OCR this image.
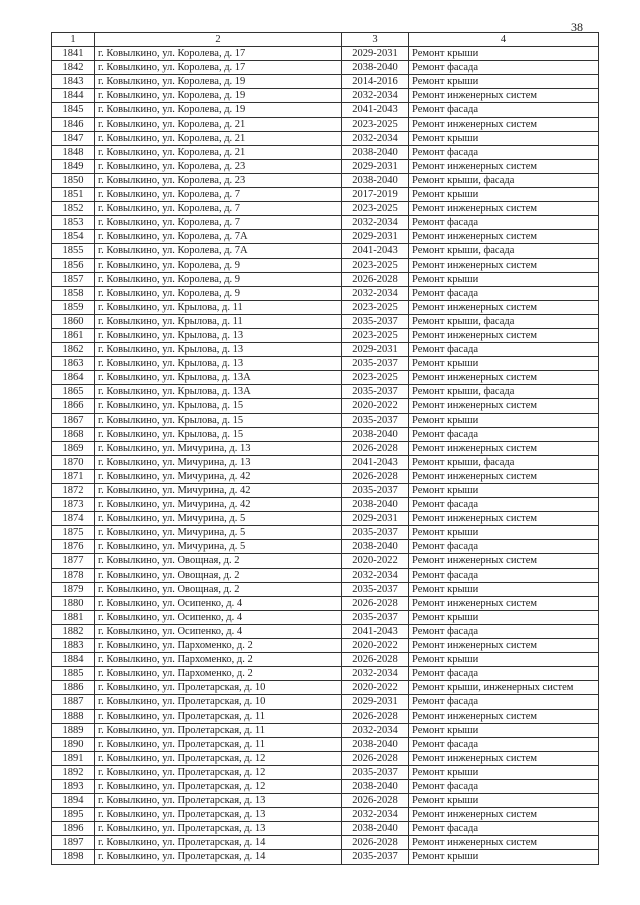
38
1	2	3	4
1841	г. Ковылкино, ул. Королева, д. 17	2029-2031	Ремонт крыши
1842	г. Ковылкино, ул. Королева, д. 17	2038-2040	Ремонт фасада
1843	г. Ковылкино, ул. Королева, д. 19	2014-2016	Ремонт крыши
1844	г. Ковылкино, ул. Королева, д. 19	2032-2034	Ремонт инженерных систем
1845	г. Ковылкино, ул. Королева, д. 19	2041-2043	Ремонт фасада
1846	г. Ковылкино, ул. Королева, д. 21	2023-2025	Ремонт инженерных систем
1847	г. Ковылкино, ул. Королева, д. 21	2032-2034	Ремонт крыши
1848	г. Ковылкино, ул. Королева, д. 21	2038-2040	Ремонт фасада
1849	г. Ковылкино, ул. Королева, д. 23	2029-2031	Ремонт инженерных систем
1850	г. Ковылкино, ул. Королева, д. 23	2038-2040	Ремонт крыши, фасада
1851	г. Ковылкино, ул. Королева, д. 7	2017-2019	Ремонт крыши
1852	г. Ковылкино, ул. Королева, д. 7	2023-2025	Ремонт инженерных систем
1853	г. Ковылкино, ул. Королева, д. 7	2032-2034	Ремонт фасада
1854	г. Ковылкино, ул. Королева, д. 7А	2029-2031	Ремонт инженерных систем
1855	г. Ковылкино, ул. Королева, д. 7А	2041-2043	Ремонт крыши, фасада
1856	г. Ковылкино, ул. Королева, д. 9	2023-2025	Ремонт инженерных систем
1857	г. Ковылкино, ул. Королева, д. 9	2026-2028	Ремонт крыши
1858	г. Ковылкино, ул. Королева, д. 9	2032-2034	Ремонт фасада
1859	г. Ковылкино, ул. Крылова, д. 11	2023-2025	Ремонт инженерных систем
1860	г. Ковылкино, ул. Крылова, д. 11	2035-2037	Ремонт крыши, фасада
1861	г. Ковылкино, ул. Крылова, д. 13	2023-2025	Ремонт инженерных систем
1862	г. Ковылкино, ул. Крылова, д. 13	2029-2031	Ремонт фасада
1863	г. Ковылкино, ул. Крылова, д. 13	2035-2037	Ремонт крыши
1864	г. Ковылкино, ул. Крылова, д. 13А	2023-2025	Ремонт инженерных систем
1865	г. Ковылкино, ул. Крылова, д. 13А	2035-2037	Ремонт крыши, фасада
1866	г. Ковылкино, ул. Крылова, д. 15	2020-2022	Ремонт инженерных систем
1867	г. Ковылкино, ул. Крылова, д. 15	2035-2037	Ремонт крыши
1868	г. Ковылкино, ул. Крылова, д. 15	2038-2040	Ремонт фасада
1869	г. Ковылкино, ул. Мичурина, д. 13	2026-2028	Ремонт инженерных систем
1870	г. Ковылкино, ул. Мичурина, д. 13	2041-2043	Ремонт крыши, фасада
1871	г. Ковылкино, ул. Мичурина, д. 42	2026-2028	Ремонт инженерных систем
1872	г. Ковылкино, ул. Мичурина, д. 42	2035-2037	Ремонт крыши
1873	г. Ковылкино, ул. Мичурина, д. 42	2038-2040	Ремонт фасада
1874	г. Ковылкино, ул. Мичурина, д. 5	2029-2031	Ремонт инженерных систем
1875	г. Ковылкино, ул. Мичурина, д. 5	2035-2037	Ремонт крыши
1876	г. Ковылкино, ул. Мичурина, д. 5	2038-2040	Ремонт фасада
1877	г. Ковылкино, ул. Овощная, д. 2	2020-2022	Ремонт инженерных систем
1878	г. Ковылкино, ул. Овощная, д. 2	2032-2034	Ремонт фасада
1879	г. Ковылкино, ул. Овощная, д. 2	2035-2037	Ремонт крыши
1880	г. Ковылкино, ул. Осипенко, д. 4	2026-2028	Ремонт инженерных систем
1881	г. Ковылкино, ул. Осипенко, д. 4	2035-2037	Ремонт крыши
1882	г. Ковылкино, ул. Осипенко, д. 4	2041-2043	Ремонт фасада
1883	г. Ковылкино, ул. Пархоменко, д. 2	2020-2022	Ремонт инженерных систем
1884	г. Ковылкино, ул. Пархоменко, д. 2	2026-2028	Ремонт крыши
1885	г. Ковылкино, ул. Пархоменко, д. 2	2032-2034	Ремонт фасада
1886	г. Ковылкино, ул. Пролетарская, д. 10	2020-2022	Ремонт крыши, инженерных систем
1887	г. Ковылкино, ул. Пролетарская, д. 10	2029-2031	Ремонт фасада
1888	г. Ковылкино, ул. Пролетарская, д. 11	2026-2028	Ремонт инженерных систем
1889	г. Ковылкино, ул. Пролетарская, д. 11	2032-2034	Ремонт крыши
1890	г. Ковылкино, ул. Пролетарская, д. 11	2038-2040	Ремонт фасада
1891	г. Ковылкино, ул. Пролетарская, д. 12	2026-2028	Ремонт инженерных систем
1892	г. Ковылкино, ул. Пролетарская, д. 12	2035-2037	Ремонт крыши
1893	г. Ковылкино, ул. Пролетарская, д. 12	2038-2040	Ремонт фасада
1894	г. Ковылкино, ул. Пролетарская, д. 13	2026-2028	Ремонт крыши
1895	г. Ковылкино, ул. Пролетарская, д. 13	2032-2034	Ремонт инженерных систем
1896	г. Ковылкино, ул. Пролетарская, д. 13	2038-2040	Ремонт фасада
1897	г. Ковылкино, ул. Пролетарская, д. 14	2026-2028	Ремонт инженерных систем
1898	г. Ковылкино, ул. Пролетарская, д. 14	2035-2037	Ремонт крыши
